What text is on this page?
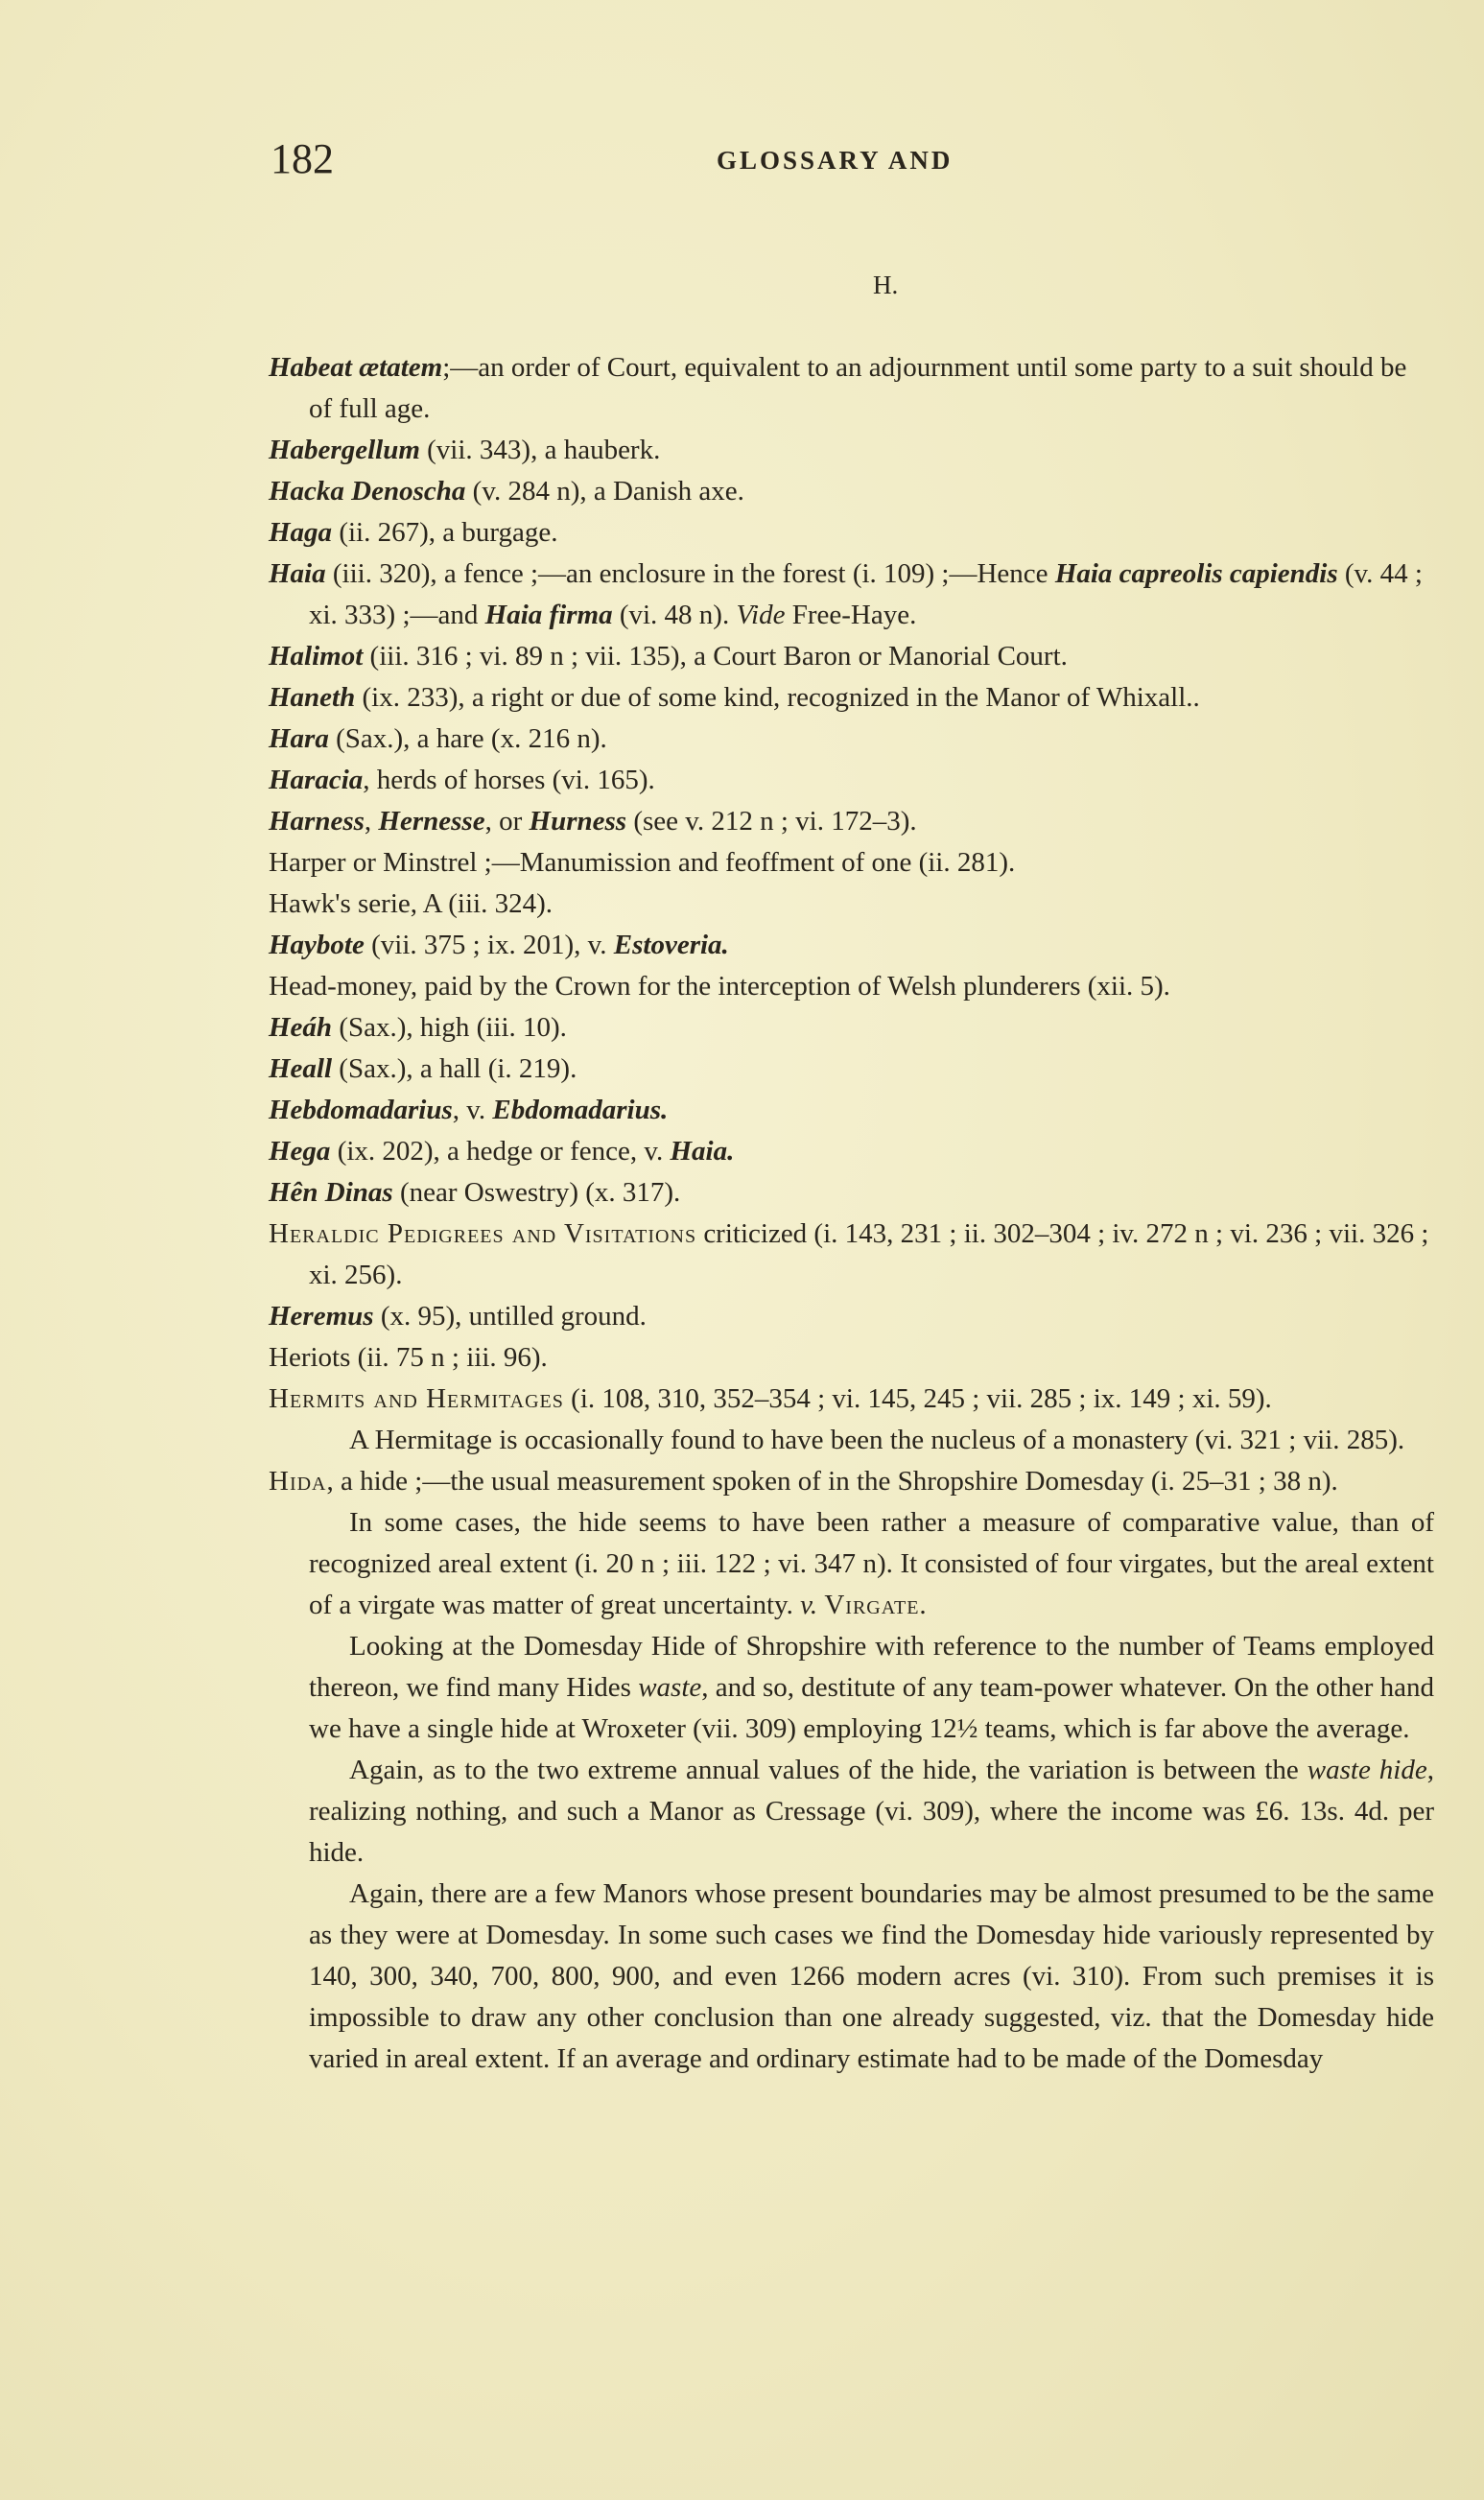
182	GLOSSARY AND
H.

Habeat ætatem;—an order of Court, equivalent to an adjournment until some party to a suit should be of full age.

Habergellum (vii. 343), a hauberk.

Hacka Denoscha (v. 284 n), a Danish axe.

Haga (ii. 267), a burgage.

Haia (iii. 320), a fence ;—an enclosure in the forest (i. 109) ;—Hence Haia capreolis capiendis (v. 44 ; xi. 333) ;—and Haia firma (vi. 48 n). Vide Free-Haye.

Halimot (iii. 316 ; vi. 89 n ; vii. 135), a Court Baron or Manorial Court.

Haneth (ix. 233), a right or due of some kind, recognized in the Manor of Whixall..

Hara (Sax.), a hare (x. 216 n).

Haracia, herds of horses (vi. 165).

Harness, Hernesse, or Hurness (see v. 212 n ; vi. 172–3).

Harper or Minstrel ;—Manumission and feoffment of one (ii. 281).

Hawk's serie, A (iii. 324).

Haybote (vii. 375 ; ix. 201), v. Estoveria.

Head-money, paid by the Crown for the interception of Welsh plunderers (xii. 5).

Heáh (Sax.), high (iii. 10).

Heall (Sax.), a hall (i. 219).

Hebdomadarius, v. Ebdomadarius.

Hega (ix. 202), a hedge or fence, v. Haia.

Hên Dinas (near Oswestry) (x. 317).

Heraldic Pedigrees and Visitations criticized (i. 143, 231 ; ii. 302–304 ; iv. 272 n ; vi. 236 ; vii. 326 ; xi. 256).

Heremus (x. 95), untilled ground.

Heriots (ii. 75 n ; iii. 96).

Hermits and Hermitages (i. 108, 310, 352–354 ; vi. 145, 245 ; vii. 285 ; ix. 149 ; xi. 59).

A Hermitage is occasionally found to have been the nucleus of a monastery (vi. 321 ; vii. 285).

Hida, a hide ;—the usual measurement spoken of in the Shropshire Domesday (i. 25–31 ; 38 n).

In some cases, the hide seems to have been rather a measure of comparative value, than of recognized areal extent (i. 20 n ; iii. 122 ; vi. 347 n). It consisted of four virgates, but the areal extent of a virgate was matter of great uncertainty. v. Virgate.

Looking at the Domesday Hide of Shropshire with reference to the number of Teams employed thereon, we find many Hides waste, and so, destitute of any team-power whatever. On the other hand we have a single hide at Wroxeter (vii. 309) employing 12½ teams, which is far above the average.

Again, as to the two extreme annual values of the hide, the variation is between the waste hide, realizing nothing, and such a Manor as Cressage (vi. 309), where the income was £6. 13s. 4d. per hide.

Again, there are a few Manors whose present boundaries may be almost presumed to be the same as they were at Domesday. In some such cases we find the Domesday hide variously represented by 140, 300, 340, 700, 800, 900, and even 1266 modern acres (vi. 310). From such premises it is impossible to draw any other conclusion than one already suggested, viz. that the Domesday hide varied in areal extent. If an average and ordinary estimate had to be made of the Domesday
